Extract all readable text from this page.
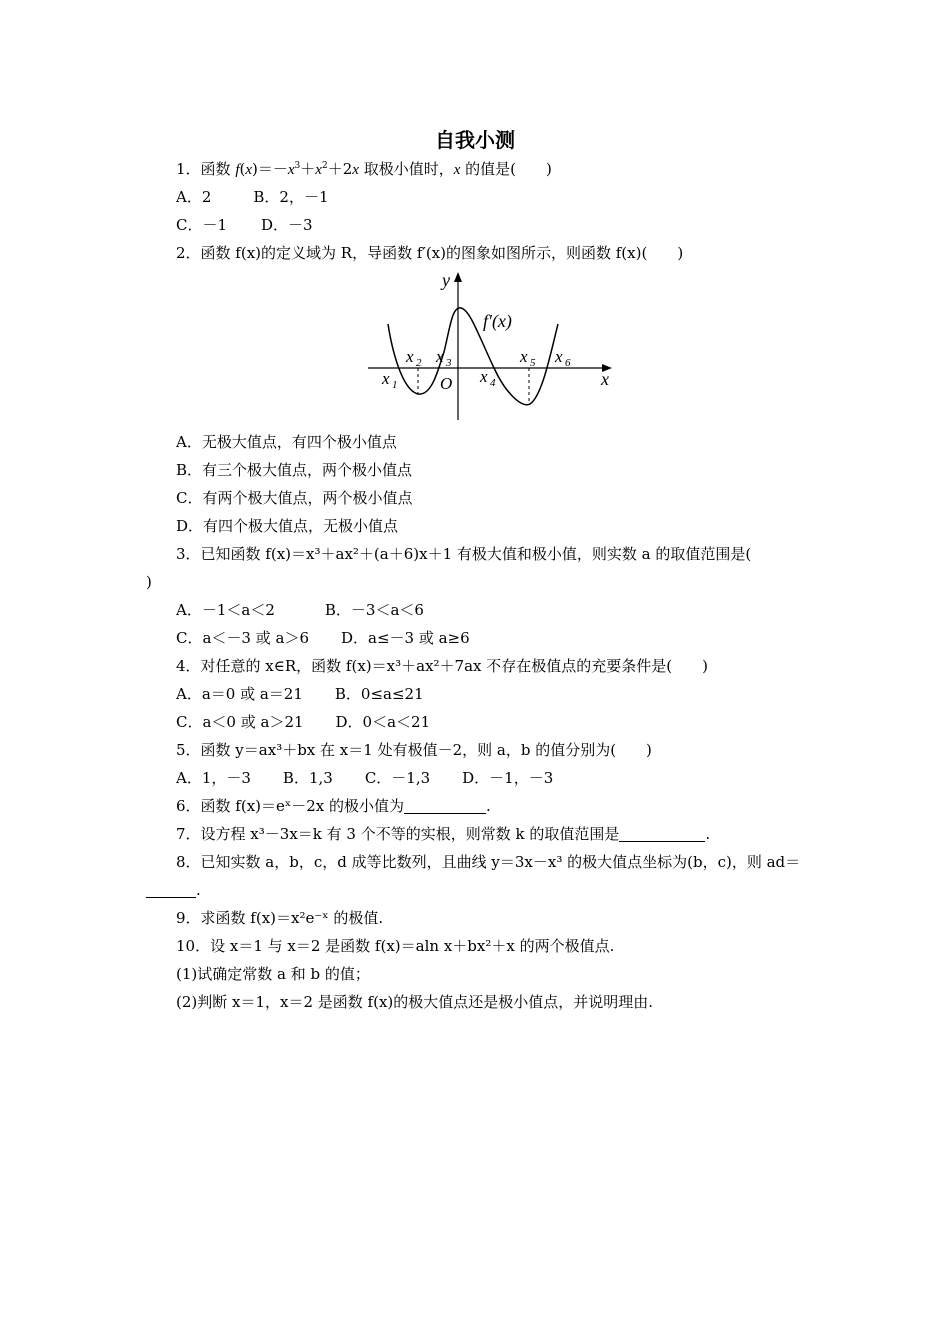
自我小测
1．函数 $f(x)=-x^3+x^2+2x$ 取极小值时，x 的值是(　　)
A．2	B．2，－1
C．－1 D．－3
2．函数 f(x)的定义域为 R，导函数 f′(x)的图象如图所示，则函数 f(x)(　　)
y
x
O
f′(x)
x 1
x 2 x 3
x 4
x 5 x 6
A．无极大值点，有四个极小值点
B．有三个极大值点，两个极小值点
C．有两个极大值点，两个极小值点
D．有四个极大值点，无极小值点
3．已知函数 f(x)＝x³＋ax²＋(a＋6)x＋1 有极大值和极小值，则实数 a 的取值范围是(
)
A．－1＜a＜2	B．－3＜a＜6
C．a＜－3 或 a＞6 D．a≤－3 或 a≥6
4．对任意的 x∈R，函数 f(x)＝x³＋ax²＋7ax 不存在极值点的充要条件是(　　)
A．a＝0 或 a＝21 B．0≤a≤21
C．a＜0 或 a＞21 D．0＜a＜21
5．函数 y＝ax³＋bx 在 x＝1 处有极值－2，则 a，b 的值分别为(　　)
A．1，－3 B．1,3 C．－1,3 D．－1，－3
6．函数 f(x)＝eˣ－2x 的极小值为	.
7．设方程 x³－3x＝k 有 3 个不等的实根，则常数 k 的取值范围是	.
8．已知实数 a，b，c，d 成等比数列，且曲线 y＝3x－x³ 的极大值点坐标为(b，c)，则 ad＝
.
9．求函数 f(x)＝x²e⁻ˣ 的极值.
10．设 x＝1 与 x＝2 是函数 f(x)＝aln x＋bx²＋x 的两个极值点.
(1)试确定常数 a 和 b 的值；
(2)判断 x＝1，x＝2 是函数 f(x)的极大值点还是极小值点，并说明理由.
